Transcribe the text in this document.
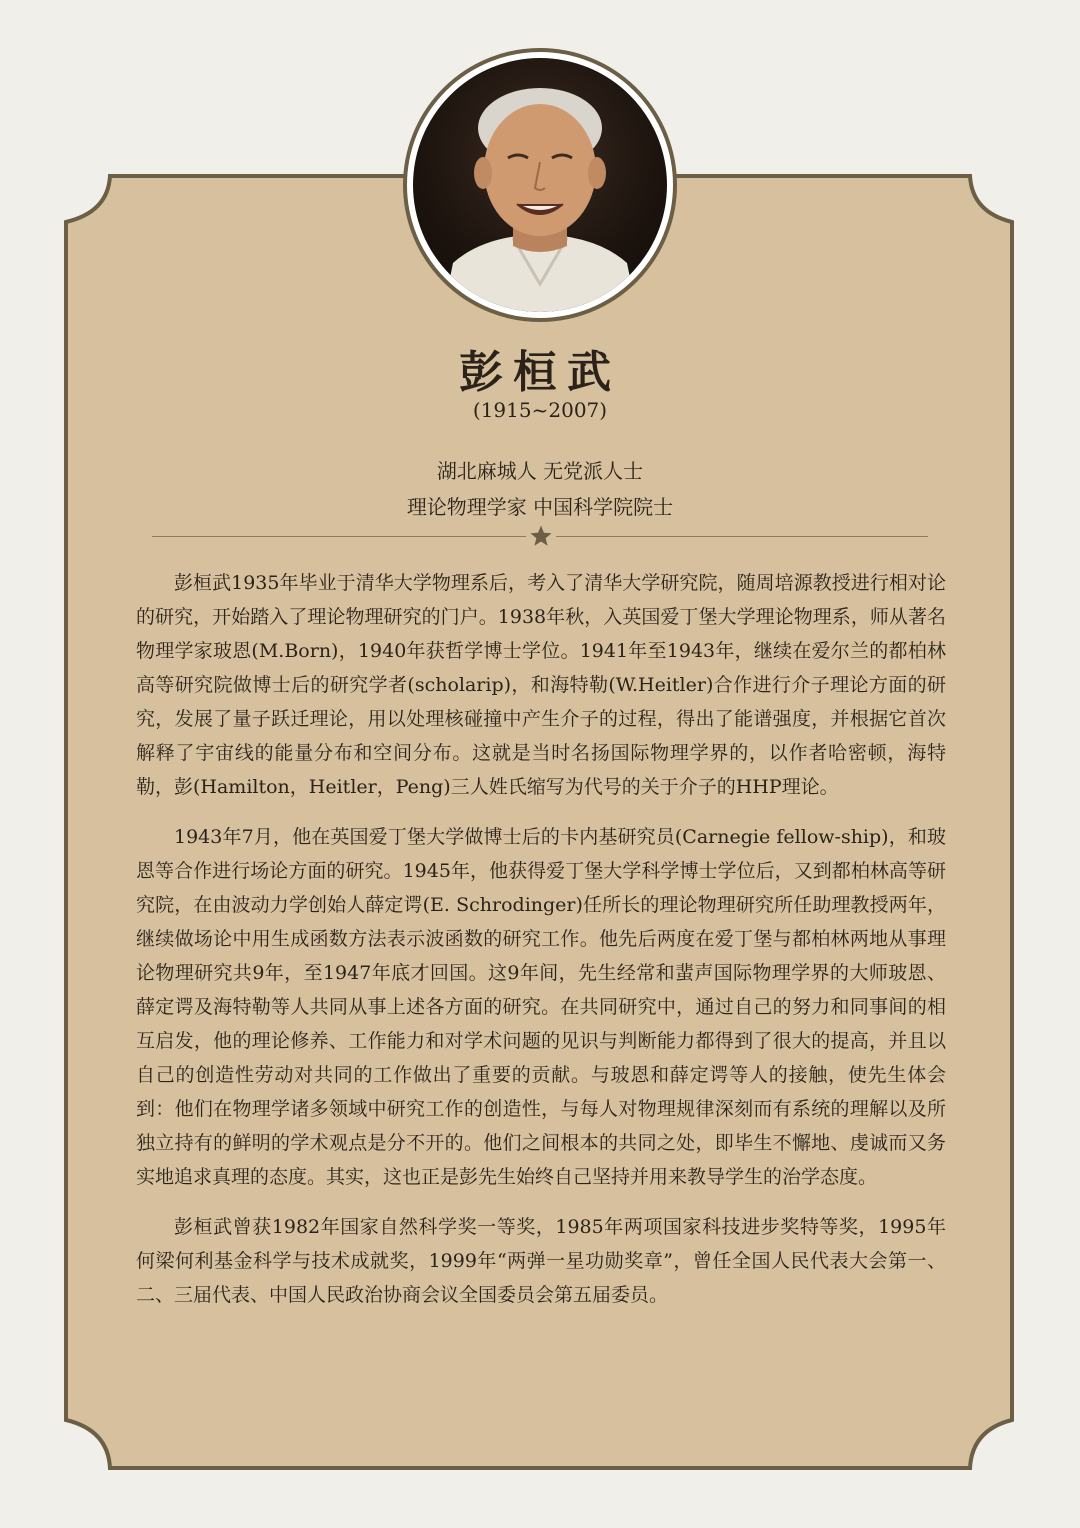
彭桓武
(1915~2007)
湖北麻城人 无党派人士
理论物理学家 中国科学院院士

彭桓武1935年毕业于清华大学物理系后，考入了清华大学研究院，随周培源教授进行相对论的研究，开始踏入了理论物理研究的门户。1938年秋，入英国爱丁堡大学理论物理系，师从著名物理学家玻恩(M.Born)，1940年获哲学博士学位。1941年至1943年，继续在爱尔兰的都柏林高等研究院做博士后的研究学者(scholarip)，和海特勒(W.Heitler)合作进行介子理论方面的研究，发展了量子跃迁理论，用以处理核碰撞中产生介子的过程，得出了能谱强度，并根据它首次解释了宇宙线的能量分布和空间分布。这就是当时名扬国际物理学界的，以作者哈密顿，海特勒，彭(Hamilton，Heitler，Peng)三人姓氏缩写为代号的关于介子的HHP理论。

1943年7月，他在英国爱丁堡大学做博士后的卡内基研究员(Carnegie fellow-ship)，和玻恩等合作进行场论方面的研究。1945年，他获得爱丁堡大学科学博士学位后，又到都柏林高等研究院，在由波动力学创始人薛定谔(E. Schrodinger)任所长的理论物理研究所任助理教授两年，继续做场论中用生成函数方法表示波函数的研究工作。他先后两度在爱丁堡与都柏林两地从事理论物理研究共9年，至1947年底才回国。这9年间，先生经常和蜚声国际物理学界的大师玻恩、薛定谔及海特勒等人共同从事上述各方面的研究。在共同研究中，通过自己的努力和同事间的相互启发，他的理论修养、工作能力和对学术问题的见识与判断能力都得到了很大的提高，并且以自己的创造性劳动对共同的工作做出了重要的贡献。与玻恩和薛定谔等人的接触，使先生体会到：他们在物理学诸多领域中研究工作的创造性，与每人对物理规律深刻而有系统的理解以及所独立持有的鲜明的学术观点是分不开的。他们之间根本的共同之处，即毕生不懈地、虔诚而又务实地追求真理的态度。其实，这也正是彭先生始终自己坚持并用来教导学生的治学态度。

彭桓武曾获1982年国家自然科学奖一等奖，1985年两项国家科技进步奖特等奖，1995年何梁何利基金科学与技术成就奖，1999年“两弹一星功勋奖章”，曾任全国人民代表大会第一、二、三届代表、中国人民政治协商会议全国委员会第五届委员。
